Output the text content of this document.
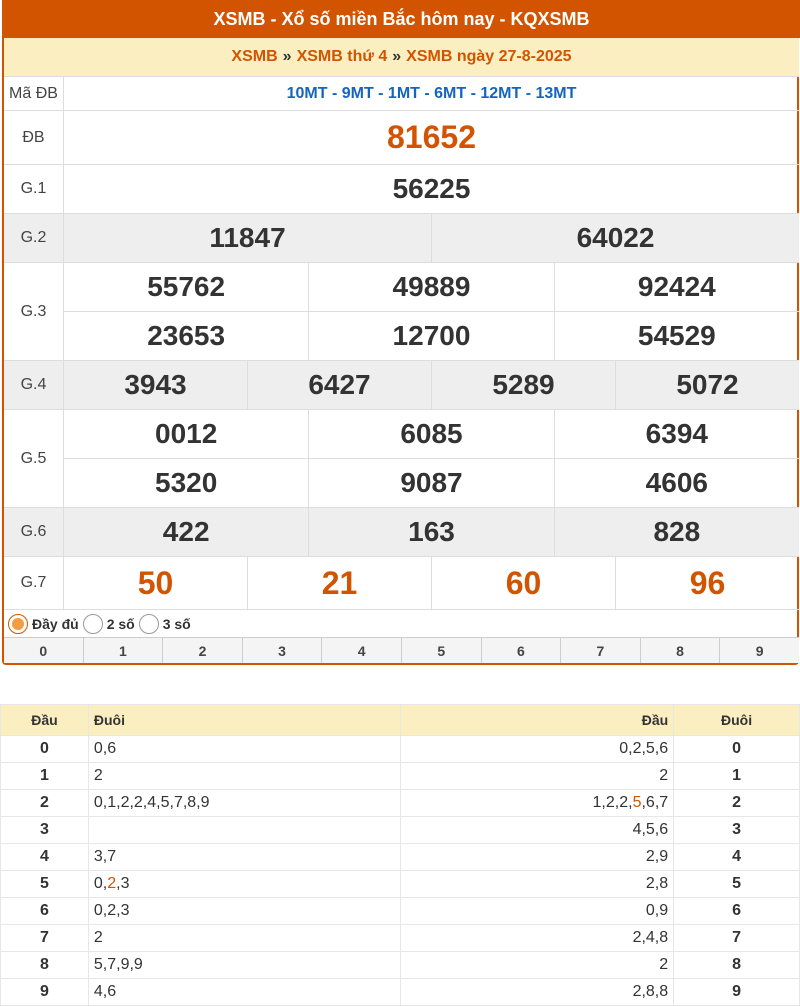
XSMB - Xổ số miền Bắc hôm nay - KQXSMB
XSMB » XSMB thứ 4 » XSMB ngày 27-8-2025
Mã ĐB	10MT - 9MT - 1MT - 6MT - 12MT - 13MT
ĐB	81652
G.1	56225
G.2	11847	64022
G.3
55762	49889	92424
23653	12700	54529
G.4	3943	6427	5289	5072
G.5
0012	6085	6394
5320	9087	4606
G.6	422	163	828
G.7	50	21	60	96
Đầy đủ 2 số 3 số
0	1	2	3	4	5	6	7	8	9
Đầu	Đuôi	Đầu	Đuôi
0	0,6	0,2,5,6	0
1	2	2	1
2	0,1,2,2,4,5,7,8,9	1,2,2,5,6,7	2
3		4,5,6	3
4	3,7	2,9	4
5	0,2,3	2,8	5
6	0,2,3	0,9	6
7	2	2,4,8	7
8	5,7,9,9	2	8
9	4,6	2,8,8	9
